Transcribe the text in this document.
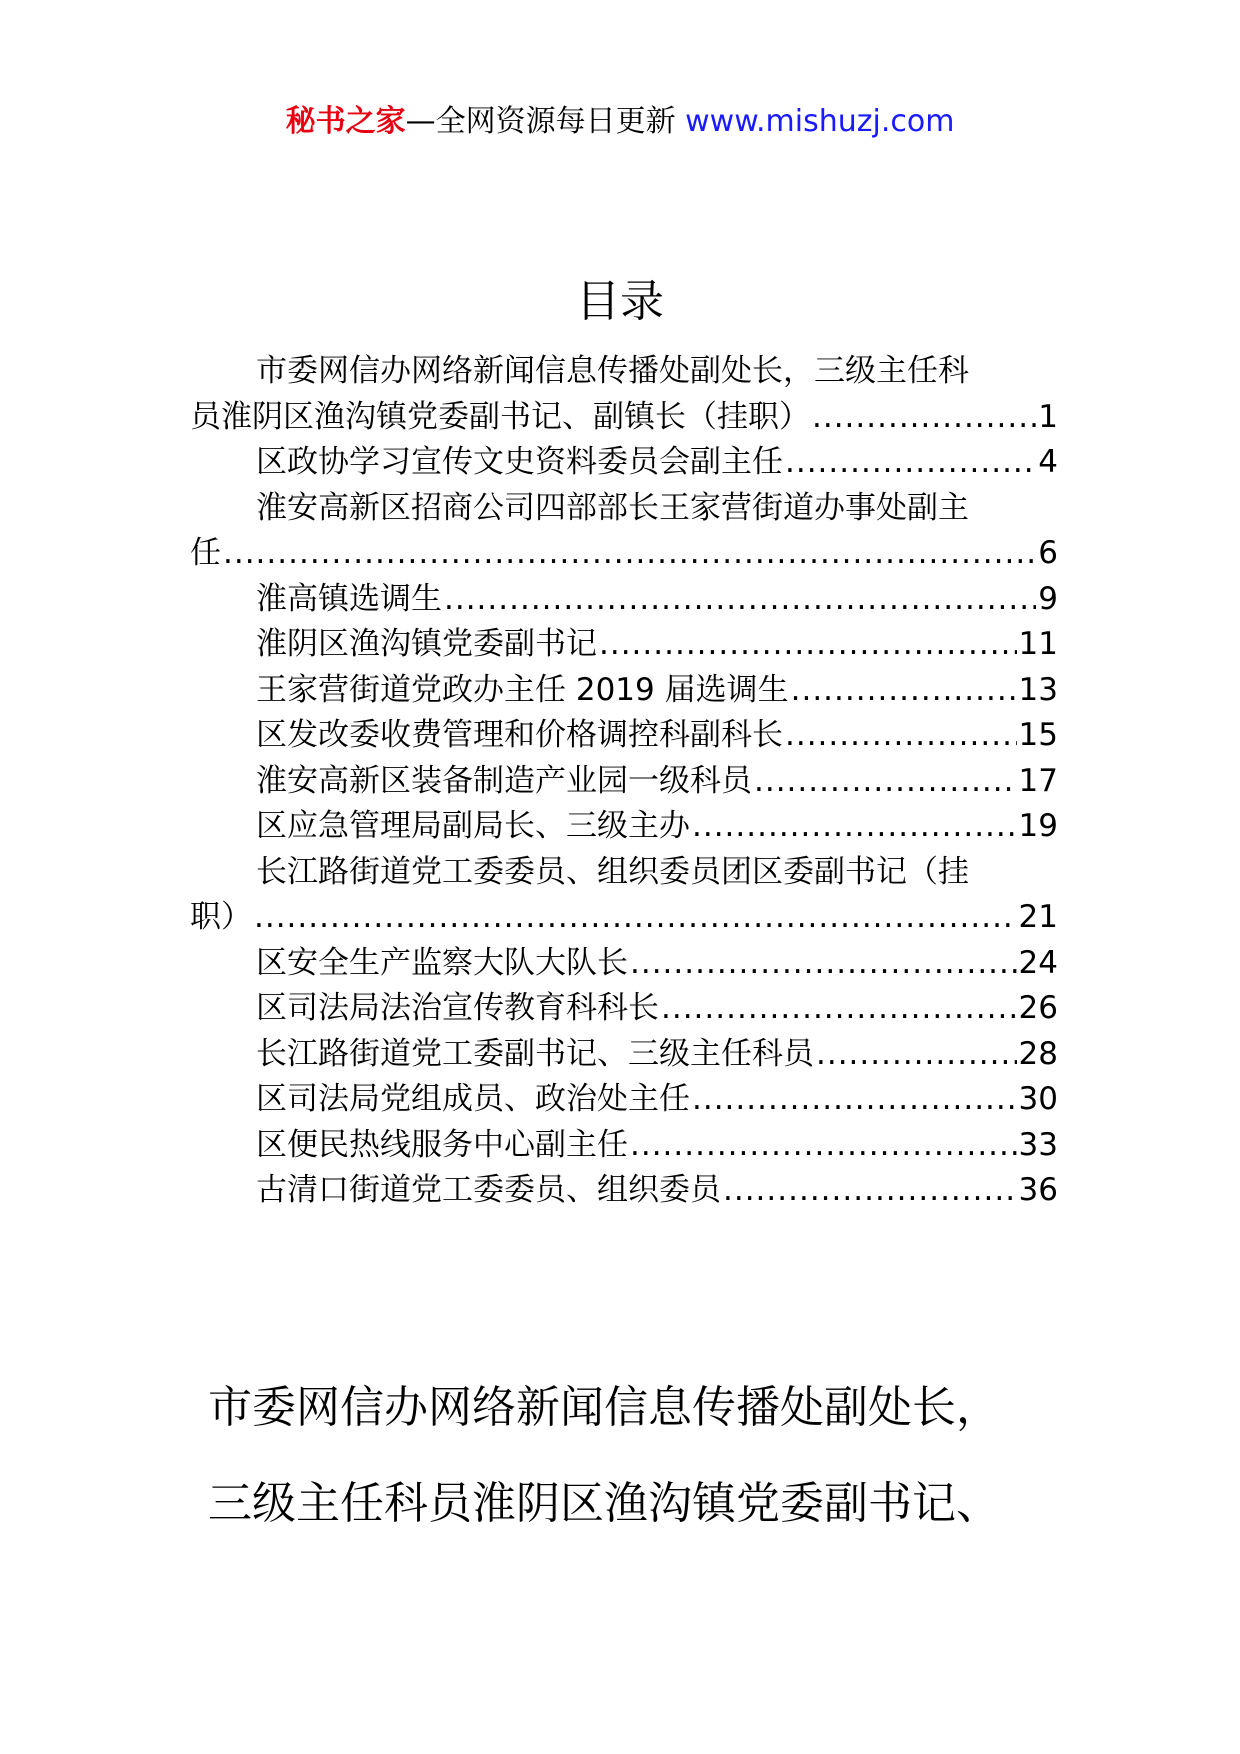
秘书之家—全网资源每日更新 www.mishuzj.com
目录
市委网信办网络新闻信息传播处副处长，三级主任科
员淮阴区渔沟镇党委副书记、副镇长（挂职） .....	1
区政协学习宣传文史资料委员会副主任 .....	4
淮安高新区招商公司四部部长王家营街道办事处副主
任 .....	6
淮高镇选调生 .....	9
淮阴区渔沟镇党委副书记 .....	11
王家营街道党政办主任 2019 届选调生 .....	13
区发改委收费管理和价格调控科副科长 .....	15
淮安高新区装备制造产业园一级科员 .....	17
区应急管理局副局长、三级主办 .....	19
长江路街道党工委委员、组织委员团区委副书记（挂
职） .....	21
区安全生产监察大队大队长 .....	24
区司法局法治宣传教育科科长 .....	26
长江路街道党工委副书记、三级主任科员 .....	28
区司法局党组成员、政治处主任 .....	30
区便民热线服务中心副主任 .....	33
古清口街道党工委委员、组织委员 .....	36
市委网信办网络新闻信息传播处副处长，
三级主任科员淮阴区渔沟镇党委副书记、
